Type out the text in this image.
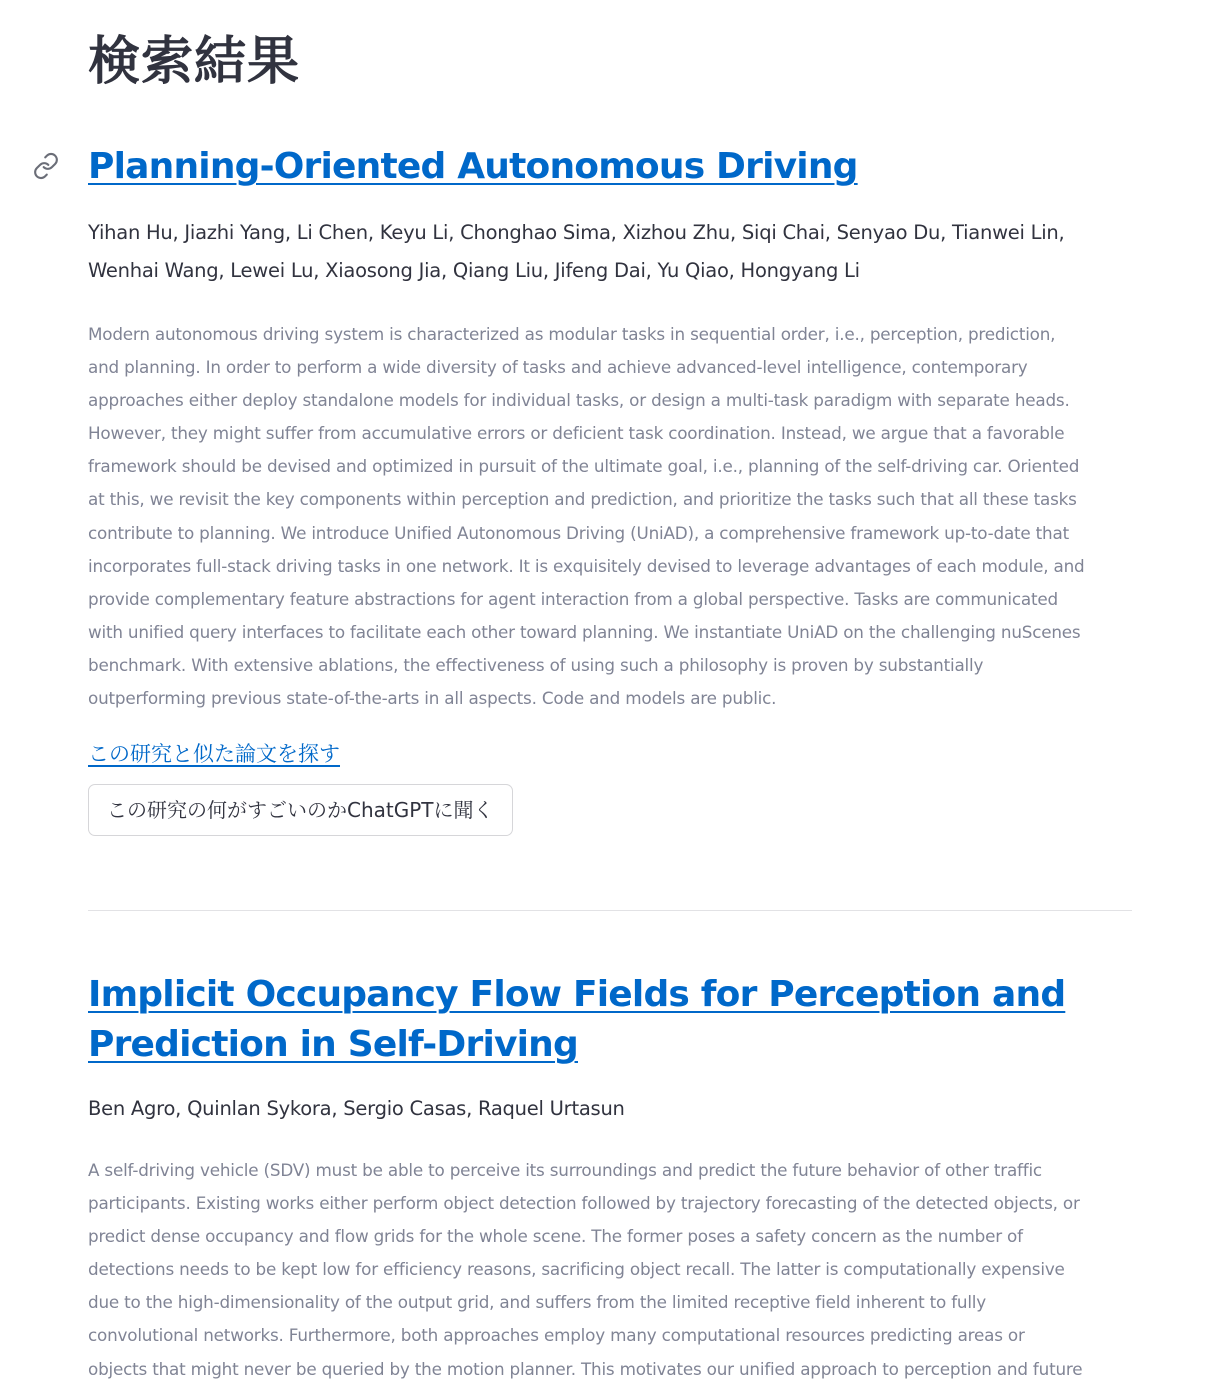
検索結果
Planning-Oriented Autonomous Driving

Yihan Hu, Jiazhi Yang, Li Chen, Keyu Li, Chonghao Sima, Xizhou Zhu, Siqi Chai, Senyao Du, Tianwei Lin,

Wenhai Wang, Lewei Lu, Xiaosong Jia, Qiang Liu, Jifeng Dai, Yu Qiao, Hongyang Li

Modern autonomous driving system is characterized as modular tasks in sequential order, i.e., perception, prediction,

and planning. In order to perform a wide diversity of tasks and achieve advanced-level intelligence, contemporary

approaches either deploy standalone models for individual tasks, or design a multi-task paradigm with separate heads.

However, they might suffer from accumulative errors or deficient task coordination. Instead, we argue that a favorable

framework should be devised and optimized in pursuit of the ultimate goal, i.e., planning of the self-driving car. Oriented

at this, we revisit the key components within perception and prediction, and prioritize the tasks such that all these tasks

contribute to planning. We introduce Unified Autonomous Driving (UniAD), a comprehensive framework up-to-date that

incorporates full-stack driving tasks in one network. It is exquisitely devised to leverage advantages of each module, and

provide complementary feature abstractions for agent interaction from a global perspective. Tasks are communicated

with unified query interfaces to facilitate each other toward planning. We instantiate UniAD on the challenging nuScenes

benchmark. With extensive ablations, the effectiveness of using such a philosophy is proven by substantially

outperforming previous state-of-the-arts in all aspects. Code and models are public.

この研究と似た論文を探す
この研究の何がすごいのかChatGPTに聞く
Implicit Occupancy Flow Fields for Perception and
Prediction in Self-Driving

Ben Agro, Quinlan Sykora, Sergio Casas, Raquel Urtasun

A self-driving vehicle (SDV) must be able to perceive its surroundings and predict the future behavior of other traffic

participants. Existing works either perform object detection followed by trajectory forecasting of the detected objects, or

predict dense occupancy and flow grids for the whole scene. The former poses a safety concern as the number of

detections needs to be kept low for efficiency reasons, sacrificing object recall. The latter is computationally expensive

due to the high-dimensionality of the output grid, and suffers from the limited receptive field inherent to fully

convolutional networks. Furthermore, both approaches employ many computational resources predicting areas or

objects that might never be queried by the motion planner. This motivates our unified approach to perception and future
